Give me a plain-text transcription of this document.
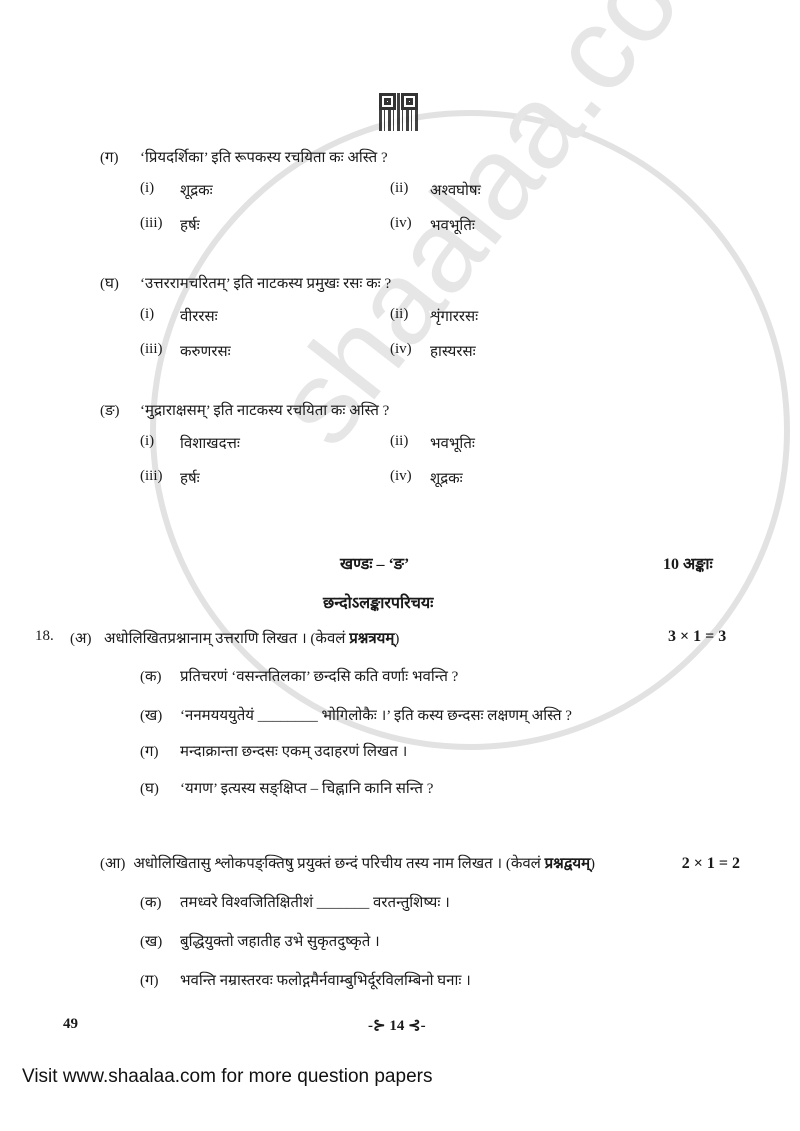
shaalaa.com
(ग) ‘प्रियदर्शिका’ इति रूपकस्य रचयिता कः अस्ति ?
(i) शूद्रकः	(ii) अश्वघोषः
(iii) हर्षः	(iv) भवभूतिः
(घ) ‘उत्तररामचरितम्’ इति नाटकस्य प्रमुखः रसः कः ?
(i) वीररसः	(ii) शृंगाररसः
(iii) करुणरसः	(iv) हास्यरसः
(ङ) ‘मुद्राराक्षसम्’ इति नाटकस्य रचयिता कः अस्ति ?
(i) विशाखदत्तः	(ii) भवभूतिः
(iii) हर्षः	(iv) शूद्रकः
(क) प्रतिचरणं ‘वसन्ततिलका’ छन्दसि कति वर्णाः भवन्ति ?
(ख) ‘ननमयययुतेयं ________ भोगिलोकैः ।’ इति कस्य छन्दसः लक्षणम् अस्ति ?
(ग) मन्दाक्रान्ता छन्दसः एकम् उदाहरणं लिखत ।
(घ) ‘यगण’ इत्यस्य सङ्क्षिप्त – चिह्नानि कानि सन्ति ?
खण्डः – ‘ङ’	10 अङ्काः
छन्दोऽलङ्कारपरिचयः
18. (अ) अधोलिखितप्रश्नानाम् उत्तराणि लिखत । (केवलं प्रश्नत्रयम्)	3 × 1 = 3
(आ) अधोलिखितासु श्लोकपङ्क्तिषु प्रयुक्तं छन्दं परिचीय तस्य नाम लिखत । (केवलं प्रश्नद्वयम्)	2 × 1 = 2
(क)	तमध्वरे विश्वजितिक्षितीशं _______ वरतन्तुशिष्यः ।
(ख)	बुद्धियुक्तो जहातीह उभे सुकृतदुष्कृते ।
(ग)	भवन्ति नम्रास्तरवः फलोद्गमैर्नवाम्बुभिर्दूरविलम्बिनो घनाः ।
49	-⊱ 14 ⊰-
Visit www.shaalaa.com for more question papers
